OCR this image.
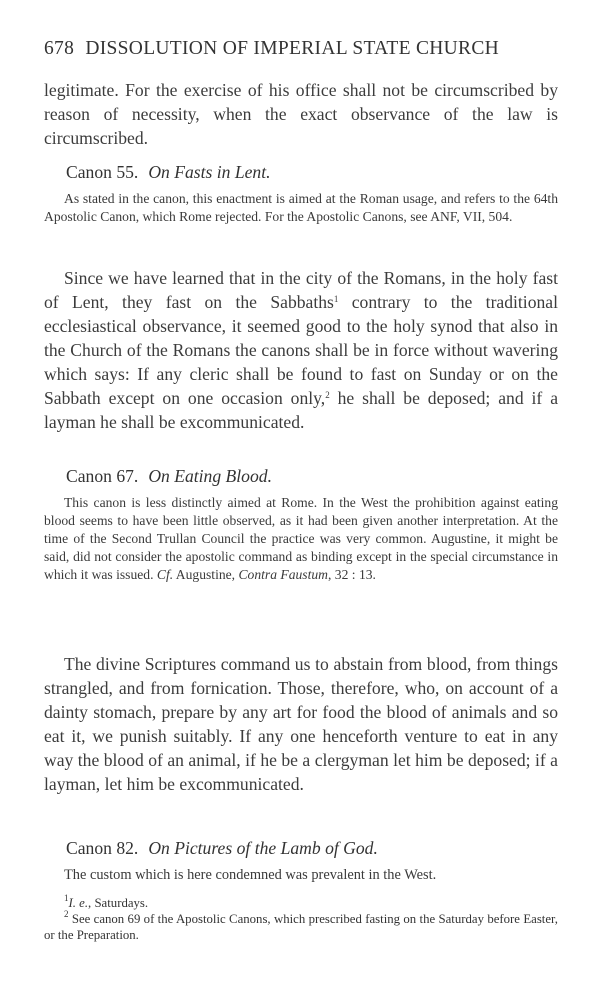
678 DISSOLUTION OF IMPERIAL STATE CHURCH

legitimate. For the exercise of his office shall not be circumscribed by reason of necessity, when the exact observance of the law is circumscribed.

Canon 55. On Fasts in Lent.

As stated in the canon, this enactment is aimed at the Roman usage, and refers to the 64th Apostolic Canon, which Rome rejected. For the Apostolic Canons, see ANF, VII, 504.

Since we have learned that in the city of the Romans, in the holy fast of Lent, they fast on the Sabbaths$^1$ contrary to the traditional ecclesiastical observance, it seemed good to the holy synod that also in the Church of the Romans the canons shall be in force without wavering which says: If any cleric shall be found to fast on Sunday or on the Sabbath except on one occasion only,$^2$ he shall be deposed; and if a layman he shall be excommunicated.

Canon 67. On Eating Blood.

This canon is less distinctly aimed at Rome. In the West the prohibition against eating blood seems to have been little observed, as it had been given another interpretation. At the time of the Second Trullan Council the practice was very common. Augustine, it might be said, did not consider the apostolic command as binding except in the special circumstance in which it was issued. Cf. Augustine, Contra Faustum, 32 : 13.

The divine Scriptures command us to abstain from blood, from things strangled, and from fornication. Those, therefore, who, on account of a dainty stomach, prepare by any art for food the blood of animals and so eat it, we punish suitably. If any one henceforth venture to eat in any way the blood of an animal, if he be a clergyman let him be deposed; if a layman, let him be excommunicated.

Canon 82. On Pictures of the Lamb of God.

The custom which is here condemned was prevalent in the West.

$^1$I. e., Saturdays.

$^2$ See canon 69 of the Apostolic Canons, which prescribed fasting on the Saturday before Easter, or the Preparation.
